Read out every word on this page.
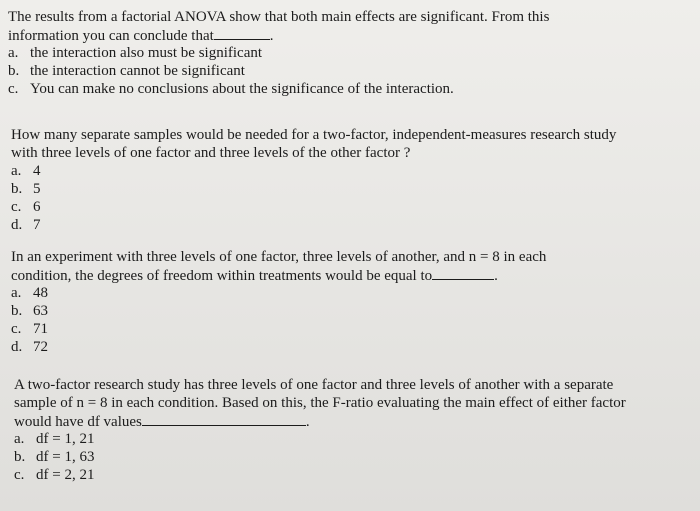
The results from a factorial ANOVA show that both main effects are significant. From this
information you can conclude that	.
a. the interaction also must be significant
b. the interaction cannot be significant
c. You can make no conclusions about the significance of the interaction.
How many separate samples would be needed for a two-factor, independent-measures research study
with three levels of one factor and three levels of the other factor ?
a. 4
b. 5
c. 6
d. 7
In an experiment with three levels of one factor, three levels of another, and n = 8 in each
condition, the degrees of freedom within treatments would be equal to	.
a. 48
b. 63
c. 71
d. 72
A two-factor research study has three levels of one factor and three levels of another with a separate
sample of n = 8 in each condition. Based on this, the F-ratio evaluating the main effect of either factor
would have df values	.
a. df = 1, 21
b. df = 1, 63
c. df = 2, 21
